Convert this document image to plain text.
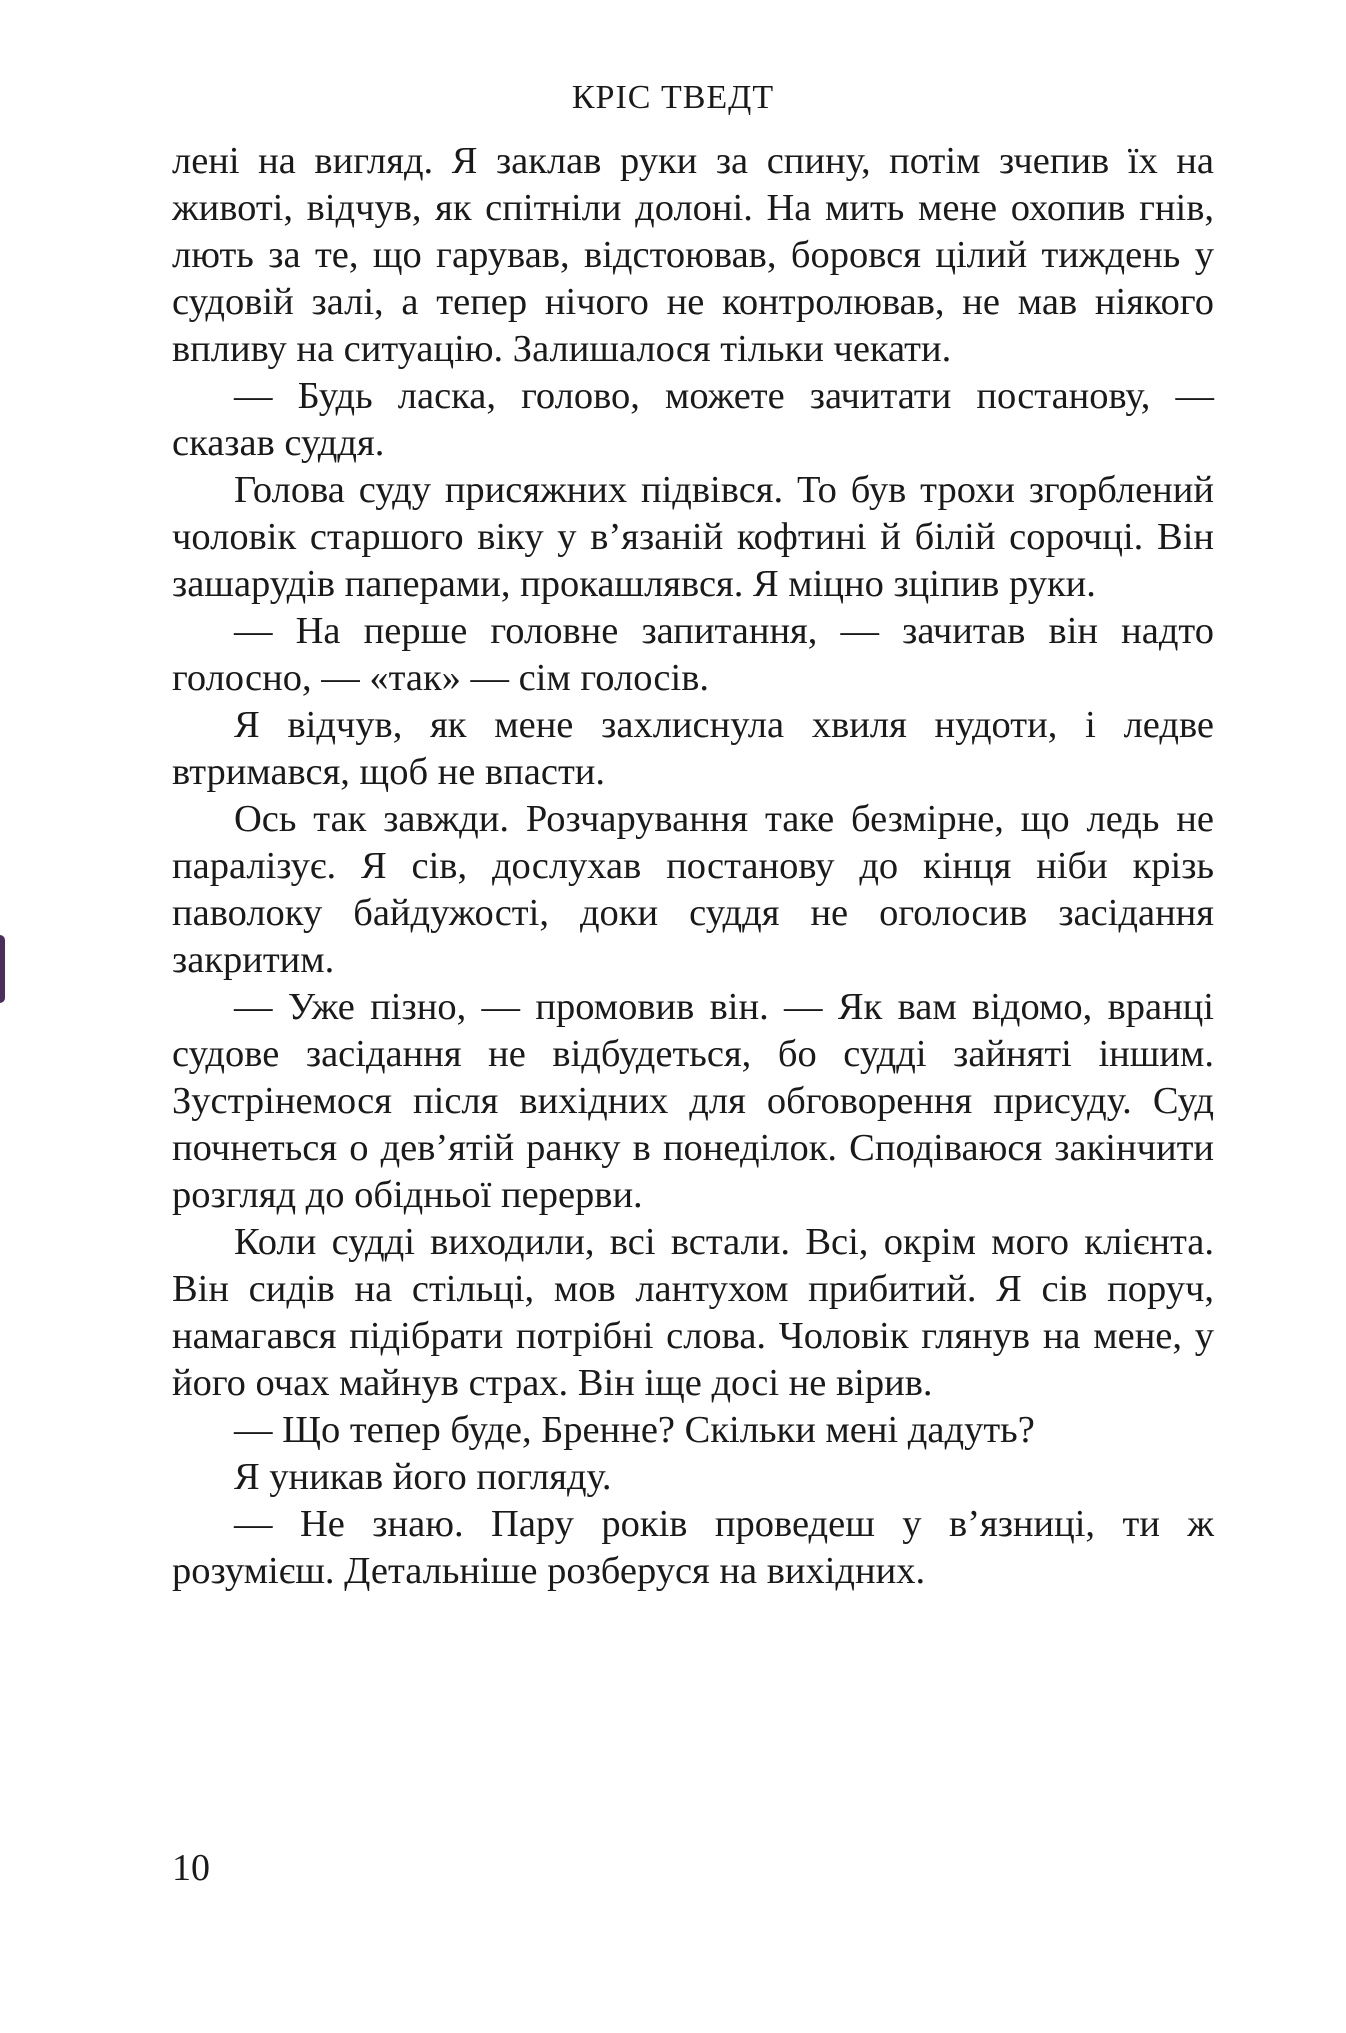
КРІС ТВЕДТ

лені на вигляд. Я заклав руки за спину, потім зчепив їх на животі, відчув, як спітніли долоні. На мить мене охопив гнів, лють за те, що гарував, відстоював, боровся цілий тиждень у судовій залі, а тепер нічого не контролював, не мав ніякого впливу на ситуацію. Залишалося тільки чекати.

— Будь ласка, голово, можете зачитати постанову, — сказав суддя.

Голова суду присяжних підвівся. То був трохи згорблений чоловік старшого віку у в’язаній кофтині й білій сорочці. Він зашарудів паперами, прокашлявся. Я міцно зціпив руки.

— На перше головне запитання, — зачитав він надто голосно, — «так» — сім голосів.

Я відчув, як мене захлиснула хвиля нудоти, і ледве втримався, щоб не впасти.

Ось так завжди. Розчарування таке безмірне, що ледь не паралізує. Я сів, дослухав постанову до кінця ніби крізь паволоку байдужості, доки суддя не оголосив засідання закритим.

— Уже пізно, — промовив він. — Як вам відомо, вранці судове засідання не відбудеться, бо судді зайняті іншим. Зустрінемося після вихідних для обговорення присуду. Суд почнеться о дев’ятій ранку в понеділок. Сподіваюся закінчити розгляд до обідньої перерви.

Коли судді виходили, всі встали. Всі, окрім мого клієнта. Він сидів на стільці, мов лантухом прибитий. Я сів поруч, намагався підібрати потрібні слова. Чоловік глянув на мене, у його очах майнув страх. Він іще досі не вірив.

— Що тепер буде, Бренне? Скільки мені дадуть?

Я уникав його погляду.

— Не знаю. Пару років проведеш у в’язниці, ти ж розумієш. Детальніше розберуся на вихідних.

10
